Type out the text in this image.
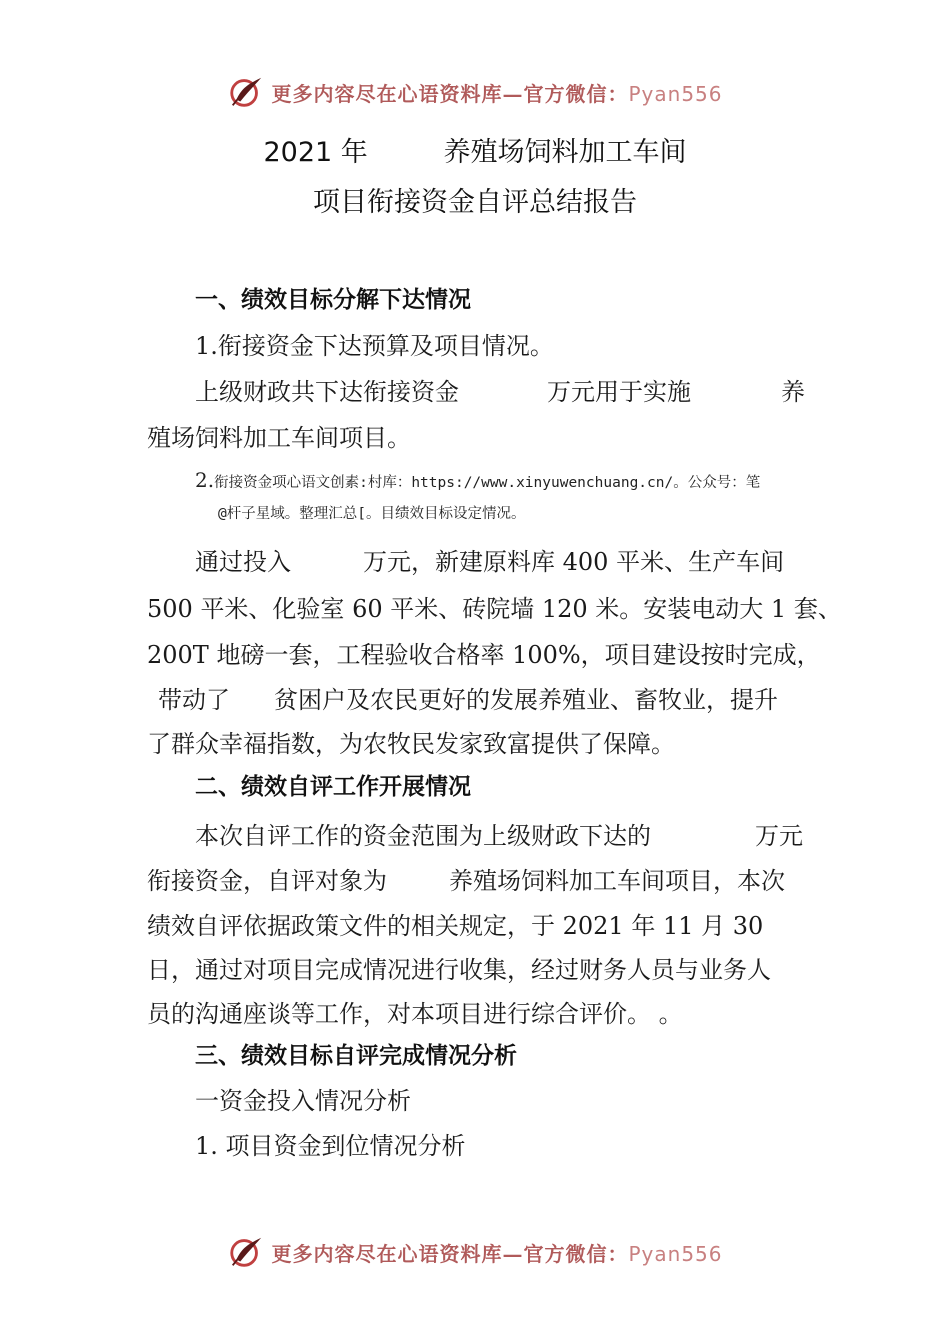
更多内容尽在心语资料库—官方微信：Pyan556
2021 年	养殖场饲料加工车间
项目衔接资金自评总结报告
一、绩效目标分解下达情况
1.衔接资金下达预算及项目情况。
上级财政共下达衔接资金	万元用于实施	养
殖场饲料加工车间项目。
2.衔接资金项心语文创素:村库：https://www.xinyuwenchuang.cn/。公众号：笔
@杆子星域。整理汇总[。目绩效目标设定情况。
通过投入	万元，新建原料库 400 平米、生产车间
500 平米、化验室 60 平米、砖院墙 120 米。安装电动大 1 套、
200T 地磅一套，工程验收合格率 100%，项目建设按时完成，
带动了 贫困户及农民更好的发展养殖业、畜牧业，提升
了群众幸福指数，为农牧民发家致富提供了保障。
二、绩效自评工作开展情况
本次自评工作的资金范围为上级财政下达的	万元
衔接资金，自评对象为	养殖场饲料加工车间项目，本次
绩效自评依据政策文件的相关规定，于 2021 年 11 月 30
日，通过对项目完成情况进行收集，经过财务人员与业务人
员的沟通座谈等工作，对本项目进行综合评价。 。
三、绩效目标自评完成情况分析
一资金投入情况分析
1. 项目资金到位情况分析
更多内容尽在心语资料库—官方微信：Pyan556
